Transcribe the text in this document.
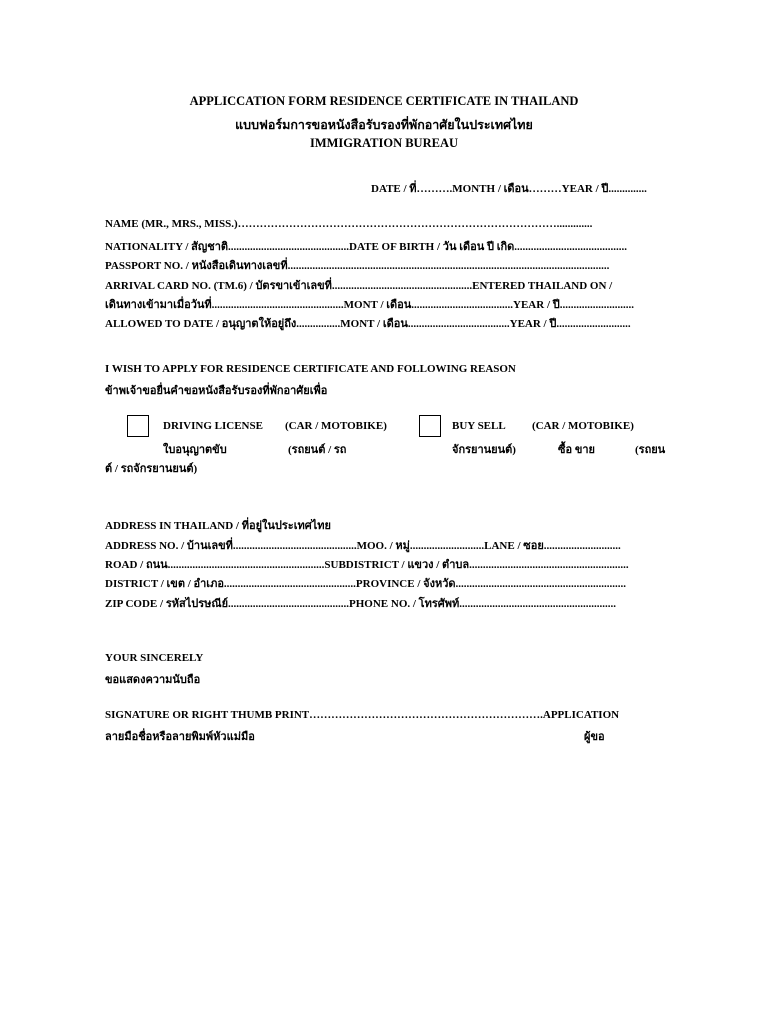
APPLICCATION FORM RESIDENCE CERTIFICATE IN THAILAND
แบบฟอร์มการขอหนังสือรับรองที่พักอาศัยในประเทศไทย
IMMIGRATION BUREAU
DATE / ที่……….MONTH / เดือน………YEAR / ปี..............
NAME (MR., MRS., MISS.)…………………………………………………………………………….............
NATIONALITY / สัญชาติ............................................DATE OF BIRTH / วัน เดือน ปี เกิด.........................................
PASSPORT NO. / หนังสือเดินทางเลขที่.....................................................................................................................
ARRIVAL CARD NO. (TM.6) / บัตรขาเข้าเลขที่...................................................ENTERED THAILAND ON /
เดินทางเข้ามาเมื่อวันที่................................................MONT / เดือน.....................................YEAR / ปี...........................
ALLOWED TO DATE / อนุญาตให้อยู่ถึง................MONT / เดือน.....................................YEAR / ปี...........................
I WISH TO APPLY FOR RESIDENCE CERTIFICATE AND FOLLOWING REASON
ข้าพเจ้าขอยื่นคำขอหนังสือรับรองที่พักอาศัยเพื่อ
DRIVING LICENSE (CAR / MOTOBIKE)	BUY SELL (CAR / MOTOBIKE)
ใบอนุญาตขับ	(รถยนต์ / รถ	จักรยานยนต์)	ซื้อ ขาย	(รถยน
ต์ / รถจักรยานยนต์)
ADDRESS IN THAILAND / ที่อยู่ในประเทศไทย
ADDRESS NO. / บ้านเลขที่.............................................MOO. / หมู่...........................LANE / ซอย............................
ROAD / ถนน.........................................................SUBDISTRICT / แขวง / ตำบล..........................................................
DISTRICT / เขต / อำเภอ................................................PROVINCE / จังหวัด..............................................................
ZIP CODE / รหัสไปรษณีย์............................................PHONE NO. / โทรศัพท์.........................................................
YOUR SINCERELY
ขอแสดงความนับถือ
SIGNATURE OR RIGHT THUMB PRINT……………………………………………………….APPLICATION
ลายมือชื่อหรือลายพิมพ์หัวแม่มือ	ผู้ขอ
